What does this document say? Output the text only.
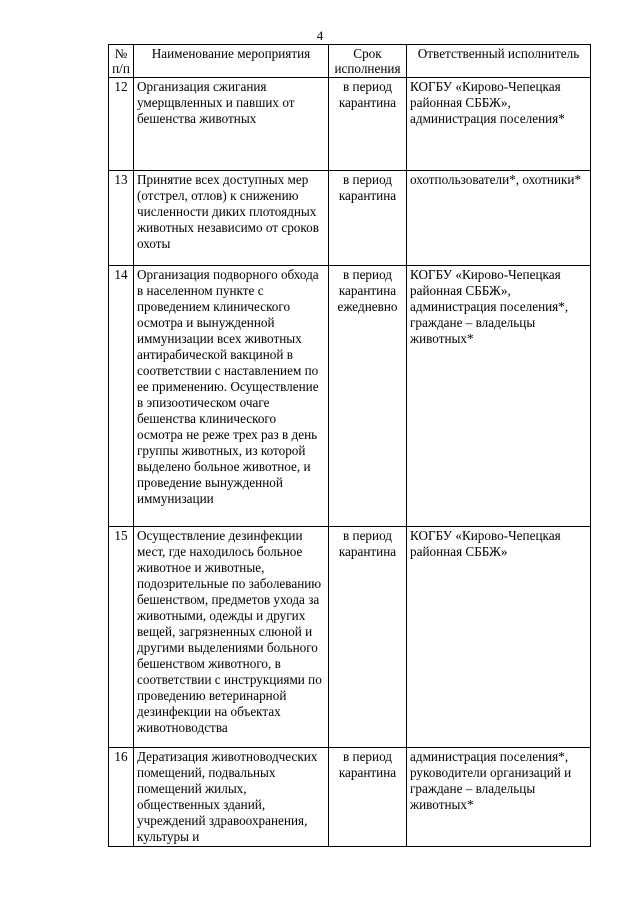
4
№ п/п	Наименование мероприятия	Срок исполнения	Ответственный исполнитель
12	Организация сжигания умерщвленных и павших от бешенства животных	в период карантина	КОГБУ «Кирово-Чепецкая районная СББЖ», администрация поселения*
13	Принятие всех доступных мер (отстрел, отлов) к снижению численности диких плотоядных животных независимо от сроков охоты	в период карантина	охотпользователи*, охотники*
14	Организация подворного обхода в населенном пункте с проведением клинического осмотра и вынужденной иммунизации всех животных антирабической вакциной в соответствии с наставлением по ее применению. Осуществление в эпизоотическом очаге бешенства клинического осмотра не реже трех раз в день группы животных, из которой выделено больное животное, и проведение вынужденной иммунизации	в период карантина ежедневно	КОГБУ «Кирово-Чепецкая районная СББЖ», администрация поселения*, граждане – владельцы животных*
15	Осуществление дезинфекции мест, где находилось больное животное и животные, подозрительные по заболеванию бешенством, предметов ухода за животными, одежды и других вещей, загрязненных слюной и другими выделениями больного бешенством животного, в соответствии с инструкциями по проведению ветеринарной дезинфекции на объектах животноводства	в период карантина	КОГБУ «Кирово-Чепецкая районная СББЖ»
16	Дератизация животноводческих помещений, подвальных помещений жилых, общественных зданий, учреждений здравоохранения, культуры и	в период карантина	администрация поселения*, руководители организаций и граждане – владельцы животных*
